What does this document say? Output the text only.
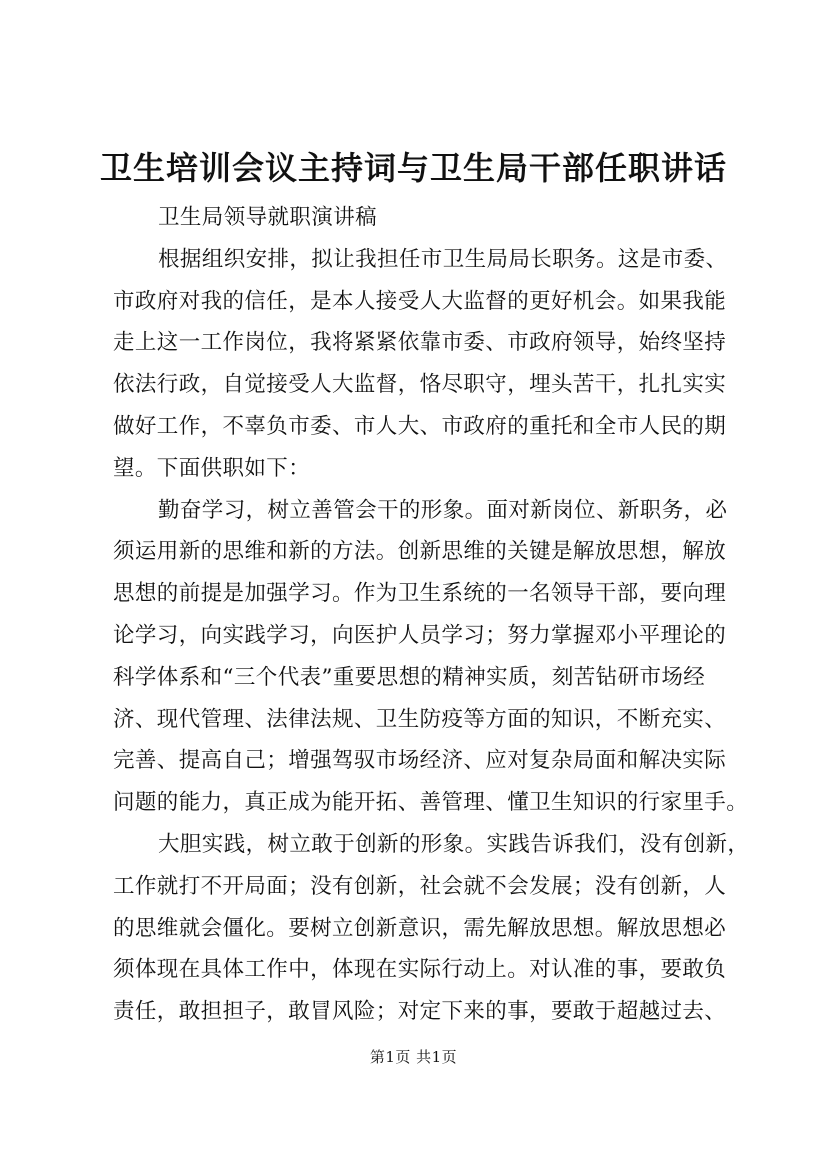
卫生培训会议主持词与卫生局干部任职讲话
卫生局领导就职演讲稿
根据组织安排，拟让我担任市卫生局局长职务。这是市委、
市政府对我的信任，是本人接受人大监督的更好机会。如果我能
走上这一工作岗位，我将紧紧依靠市委、市政府领导，始终坚持
依法行政，自觉接受人大监督，恪尽职守，埋头苦干，扎扎实实
做好工作，不辜负市委、市人大、市政府的重托和全市人民的期
望。下面供职如下：
勤奋学习，树立善管会干的形象。面对新岗位、新职务，必
须运用新的思维和新的方法。创新思维的关键是解放思想，解放
思想的前提是加强学习。作为卫生系统的一名领导干部，要向理
论学习，向实践学习，向医护人员学习；努力掌握邓小平理论的
科学体系和“三个代表”重要思想的精神实质，刻苦钻研市场经
济、现代管理、法律法规、卫生防疫等方面的知识，不断充实、
完善、提高自己；增强驾驭市场经济、应对复杂局面和解决实际
问题的能力，真正成为能开拓、善管理、懂卫生知识的行家里手。
大胆实践，树立敢于创新的形象。实践告诉我们，没有创新，
工作就打不开局面；没有创新，社会就不会发展；没有创新，人
的思维就会僵化。要树立创新意识，需先解放思想。解放思想必
须体现在具体工作中，体现在实际行动上。对认准的事，要敢负
责任，敢担担子，敢冒风险；对定下来的事，要敢于超越过去、
第1页 共1页
